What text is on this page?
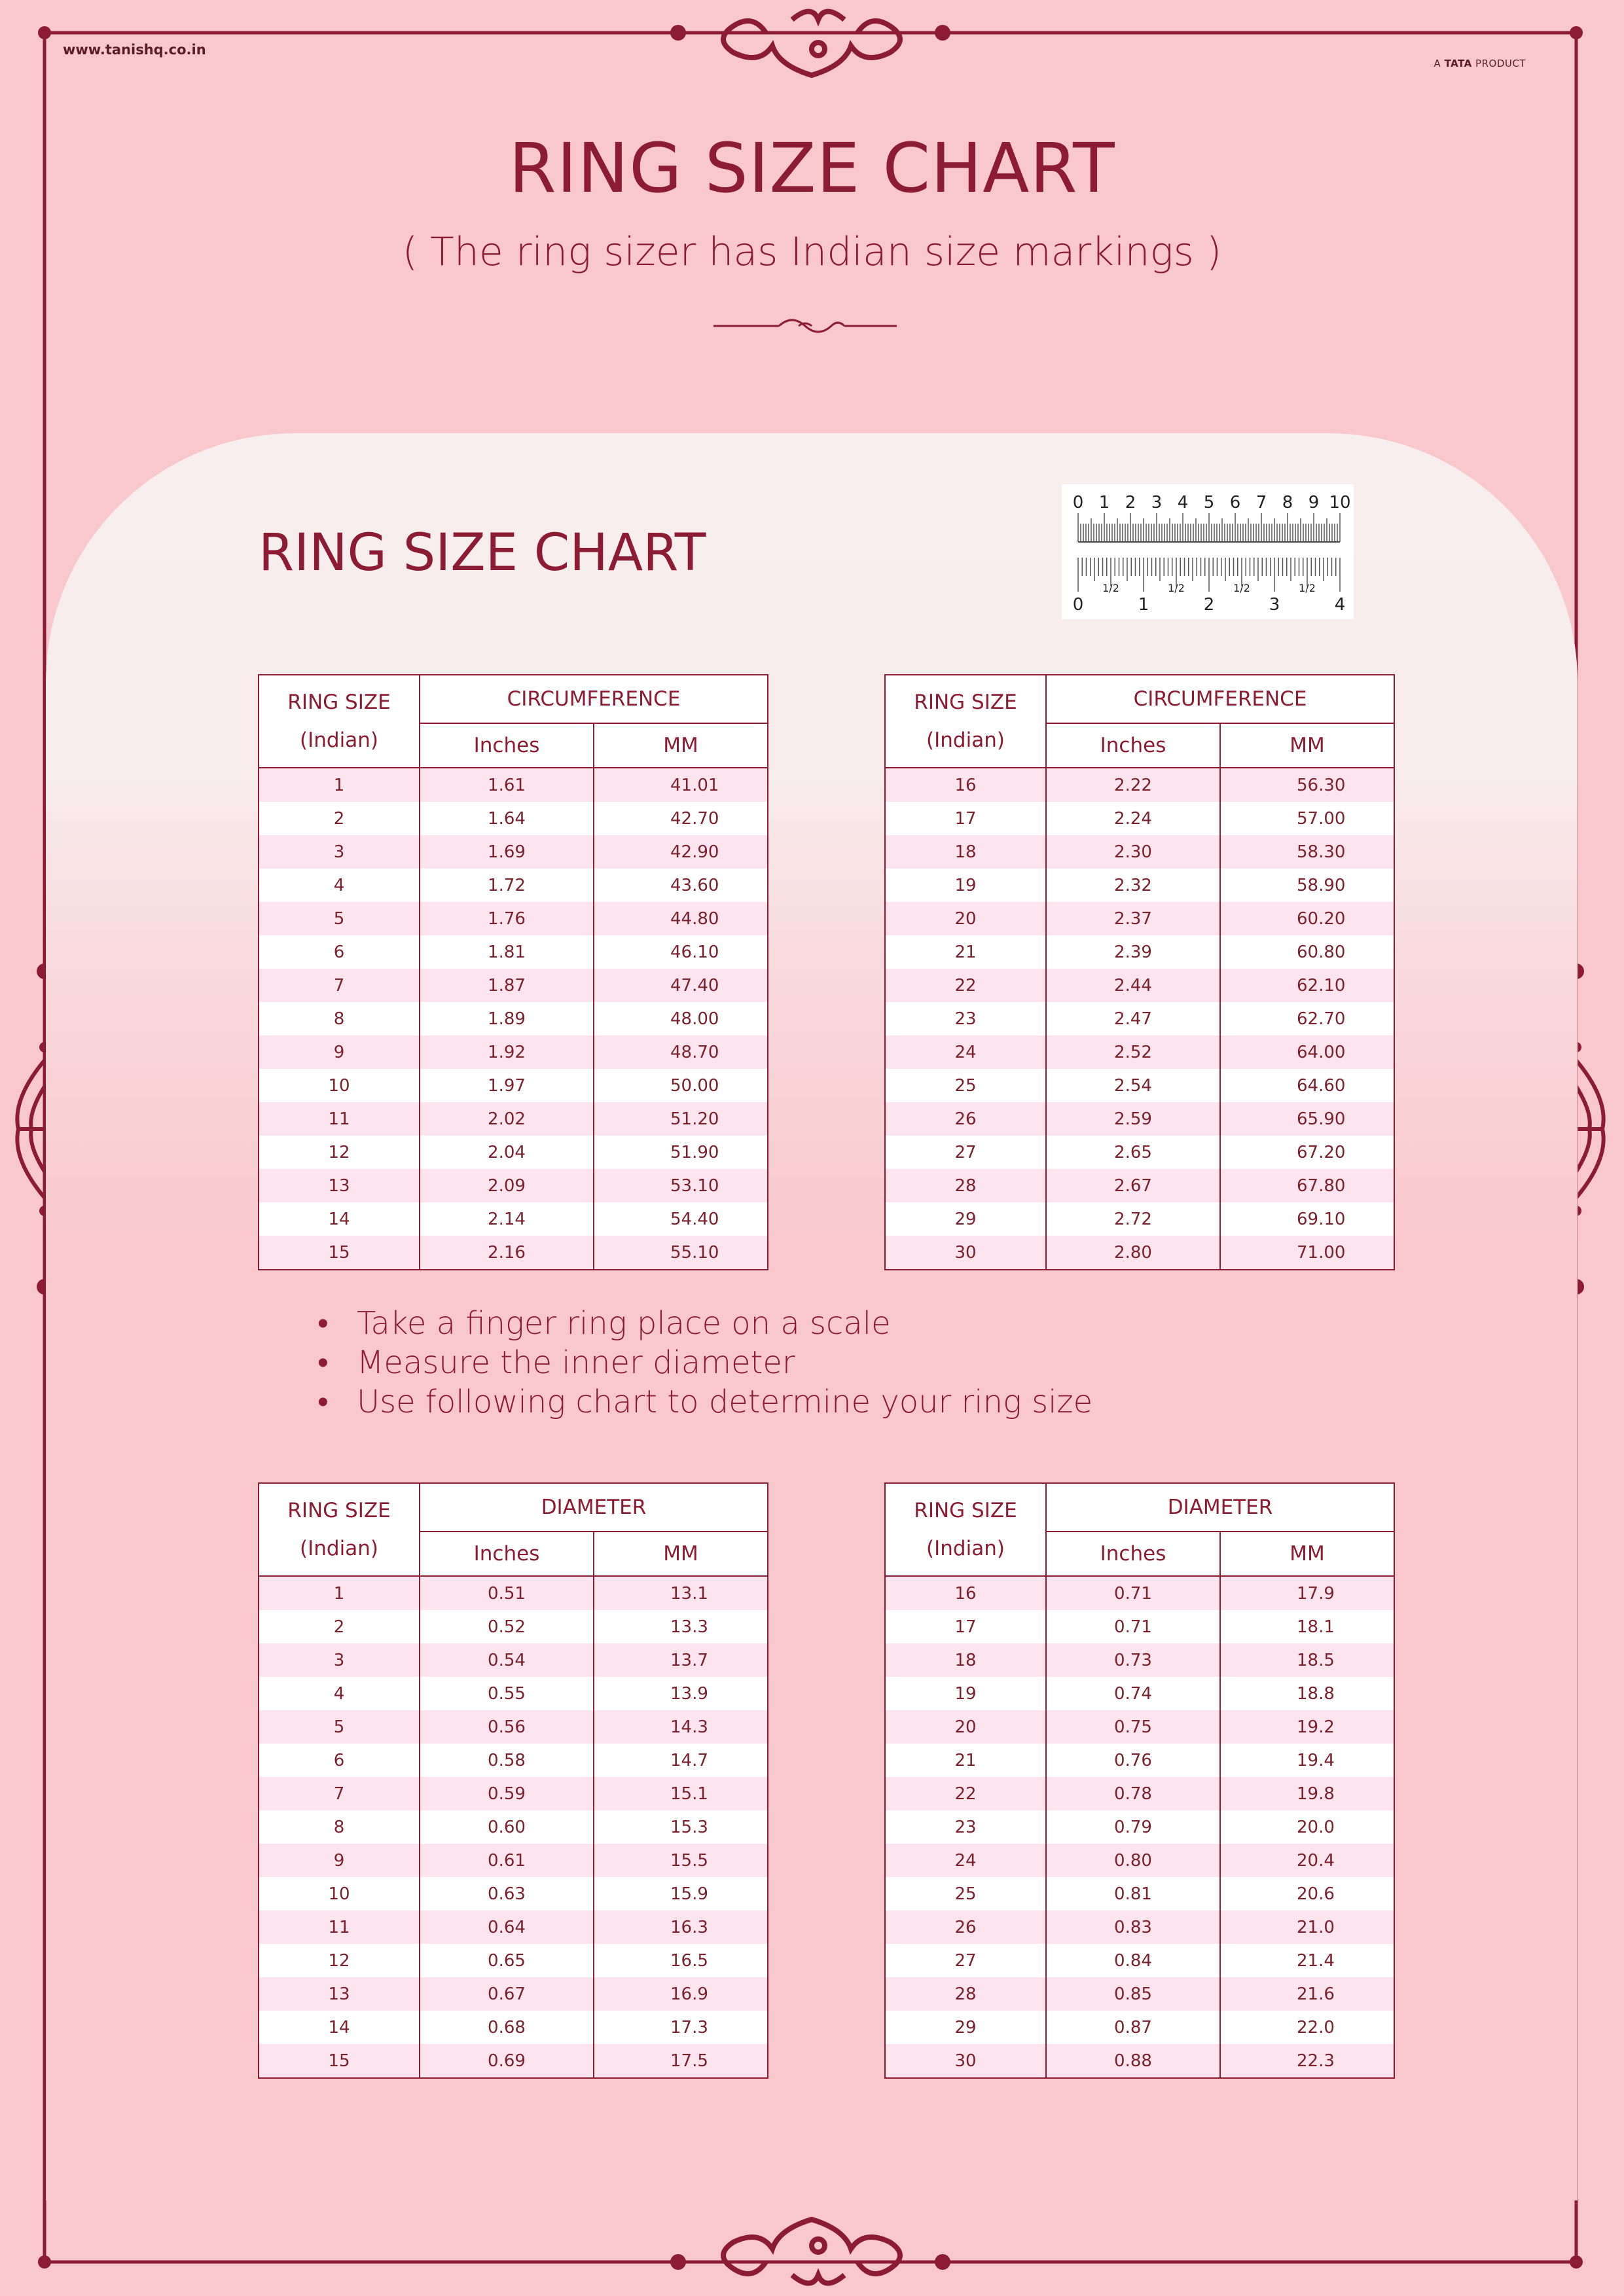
www.tanishq.co.in
A TATA PRODUCT
RING SIZE CHART
( The ring sizer has Indian size markings )
RING SIZE CHART
0 1 2 3 4 5 6 7 8 9 10
0	1	2	3	4
1/2	1/2	1/2	1/2
RING SIZE
(Indian)	CIRCUMFERENCE	
	Inches	MM
1	1.61	41.01
2	1.64	42.70
3	1.69	42.90
4	1.72	43.60
5	1.76	44.80
6	1.81	46.10
7	1.87	47.40
8	1.89	48.00
9	1.92	48.70
10	1.97	50.00
11	2.02	51.20
12	2.04	51.90
13	2.09	53.10
14	2.14	54.40
15	2.16	55.10
RING SIZE
(Indian)	CIRCUMFERENCE	
	Inches	MM
16	2.22	56.30
17	2.24	57.00
18	2.30	58.30
19	2.32	58.90
20	2.37	60.20
21	2.39	60.80
22	2.44	62.10
23	2.47	62.70
24	2.52	64.00
25	2.54	64.60
26	2.59	65.90
27	2.65	67.20
28	2.67	67.80
29	2.72	69.10
30	2.80	71.00
• Take a finger ring place on a scale
• Measure the inner diameter
• Use following chart to determine your ring size
RING SIZE
(Indian)	DIAMETER	
	Inches	MM
1	0.51	13.1
2	0.52	13.3
3	0.54	13.7
4	0.55	13.9
5	0.56	14.3
6	0.58	14.7
7	0.59	15.1
8	0.60	15.3
9	0.61	15.5
10	0.63	15.9
11	0.64	16.3
12	0.65	16.5
13	0.67	16.9
14	0.68	17.3
15	0.69	17.5
RING SIZE
(Indian)	DIAMETER	
	Inches	MM
16	0.71	17.9
17	0.71	18.1
18	0.73	18.5
19	0.74	18.8
20	0.75	19.2
21	0.76	19.4
22	0.78	19.8
23	0.79	20.0
24	0.80	20.4
25	0.81	20.6
26	0.83	21.0
27	0.84	21.4
28	0.85	21.6
29	0.87	22.0
30	0.88	22.3
